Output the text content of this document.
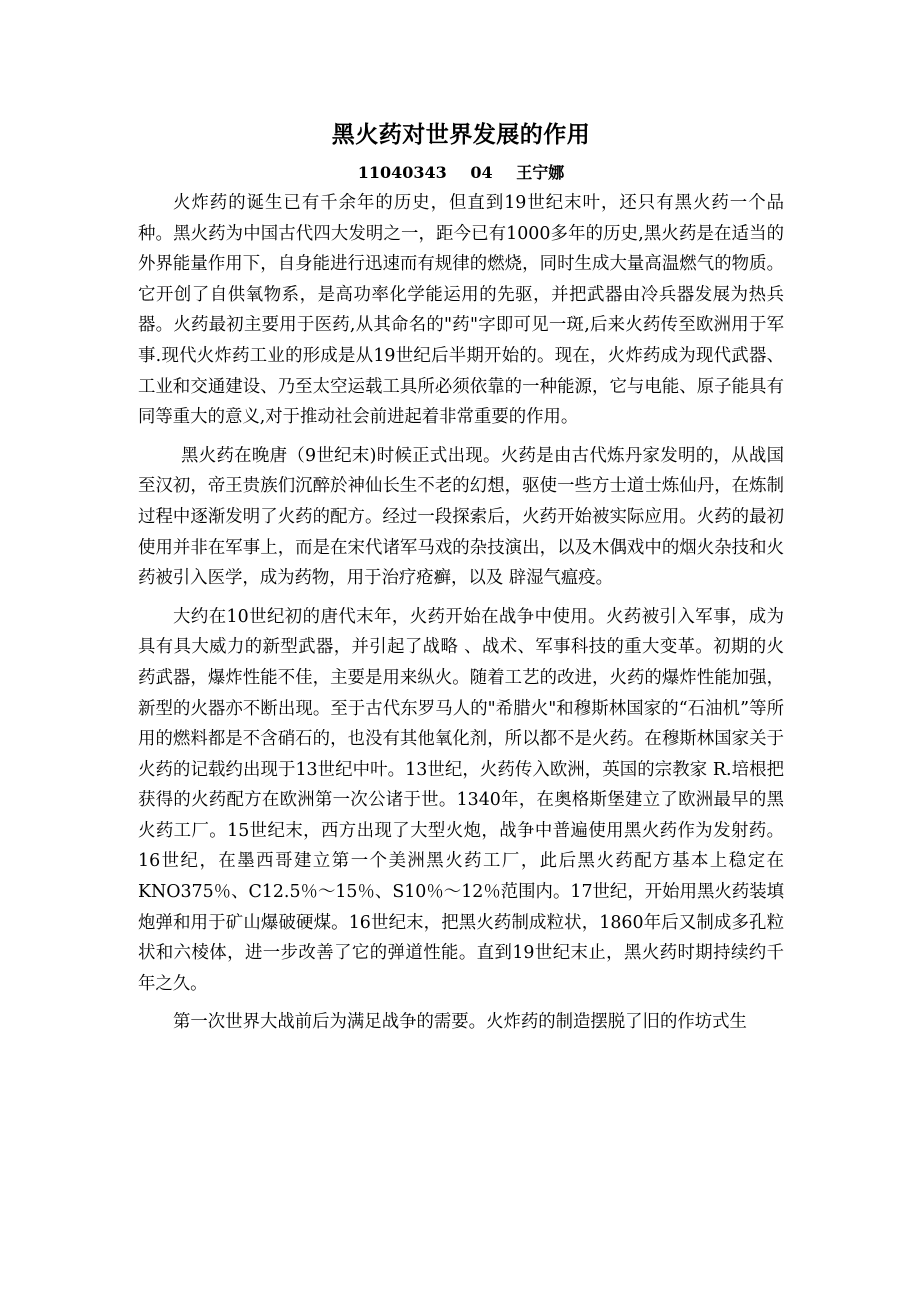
黑火药对世界发展的作用
11040343 04 王宁娜

火炸药的诞生已有千余年的历史，但直到19世纪末叶，还只有黑火药一个品种。黑火药为中国古代四大发明之一，距今已有1000多年的历史,黑火药是在适当的外界能量作用下，自身能进行迅速而有规律的燃烧，同时生成大量高温燃气的物质。它开创了自供氧物系，是高功率化学能运用的先驱，并把武器由冷兵器发展为热兵器。火药最初主要用于医药,从其命名的"药"字即可见一斑,后来火药传至欧洲用于军事.现代火炸药工业的形成是从19世纪后半期开始的。现在，火炸药成为现代武器、工业和交通建设、乃至太空运载工具所必须依靠的一种能源，它与电能、原子能具有同等重大的意义,对于推动社会前进起着非常重要的作用。

黑火药在晚唐（9世纪末)时候正式出现。火药是由古代炼丹家发明的，从战国至汉初，帝王贵族们沉醉於神仙长生不老的幻想，驱使一些方士道士炼仙丹，在炼制过程中逐渐发明了火药的配方。经过一段探索后，火药开始被实际应用。火药的最初使用并非在军事上，而是在宋代诸军马戏的杂技演出，以及木偶戏中的烟火杂技和火药被引入医学，成为药物，用于治疗疮癣，以及 辟湿气瘟疫。

大约在10世纪初的唐代末年，火药开始在战争中使用。火药被引入军事，成为具有具大威力的新型武器，并引起了战略 、战术、军事科技的重大变革。初期的火药武器，爆炸性能不佳，主要是用来纵火。随着工艺的改进，火药的爆炸性能加强，新型的火器亦不断出现。至于古代东罗马人的"希腊火"和穆斯林国家的“石油机”等所用的燃料都是不含硝石的，也没有其他氧化剂，所以都不是火药。在穆斯林国家关于火药的记载约出现于13世纪中叶。13世纪，火药传入欧洲，英国的宗教家 R.培根把获得的火药配方在欧洲第一次公诸于世。1340年，在奥格斯堡建立了欧洲最早的黑火药工厂。15世纪末，西方出现了大型火炮，战争中普遍使用黑火药作为发射药。16世纪，在墨西哥建立第一个美洲黑火药工厂，此后黑火药配方基本上稳定在 KNO375％、C12.5％～15％、S10％～12％范围内。17世纪，开始用黑火药装填炮弹和用于矿山爆破硬煤。16世纪末，把黑火药制成粒状，1860年后又制成多孔粒状和六棱体，进一步改善了它的弹道性能。直到19世纪末止，黑火药时期持续约千年之久。

第一次世界大战前后为满足战争的需要。火炸药的制造摆脱了旧的作坊式生
